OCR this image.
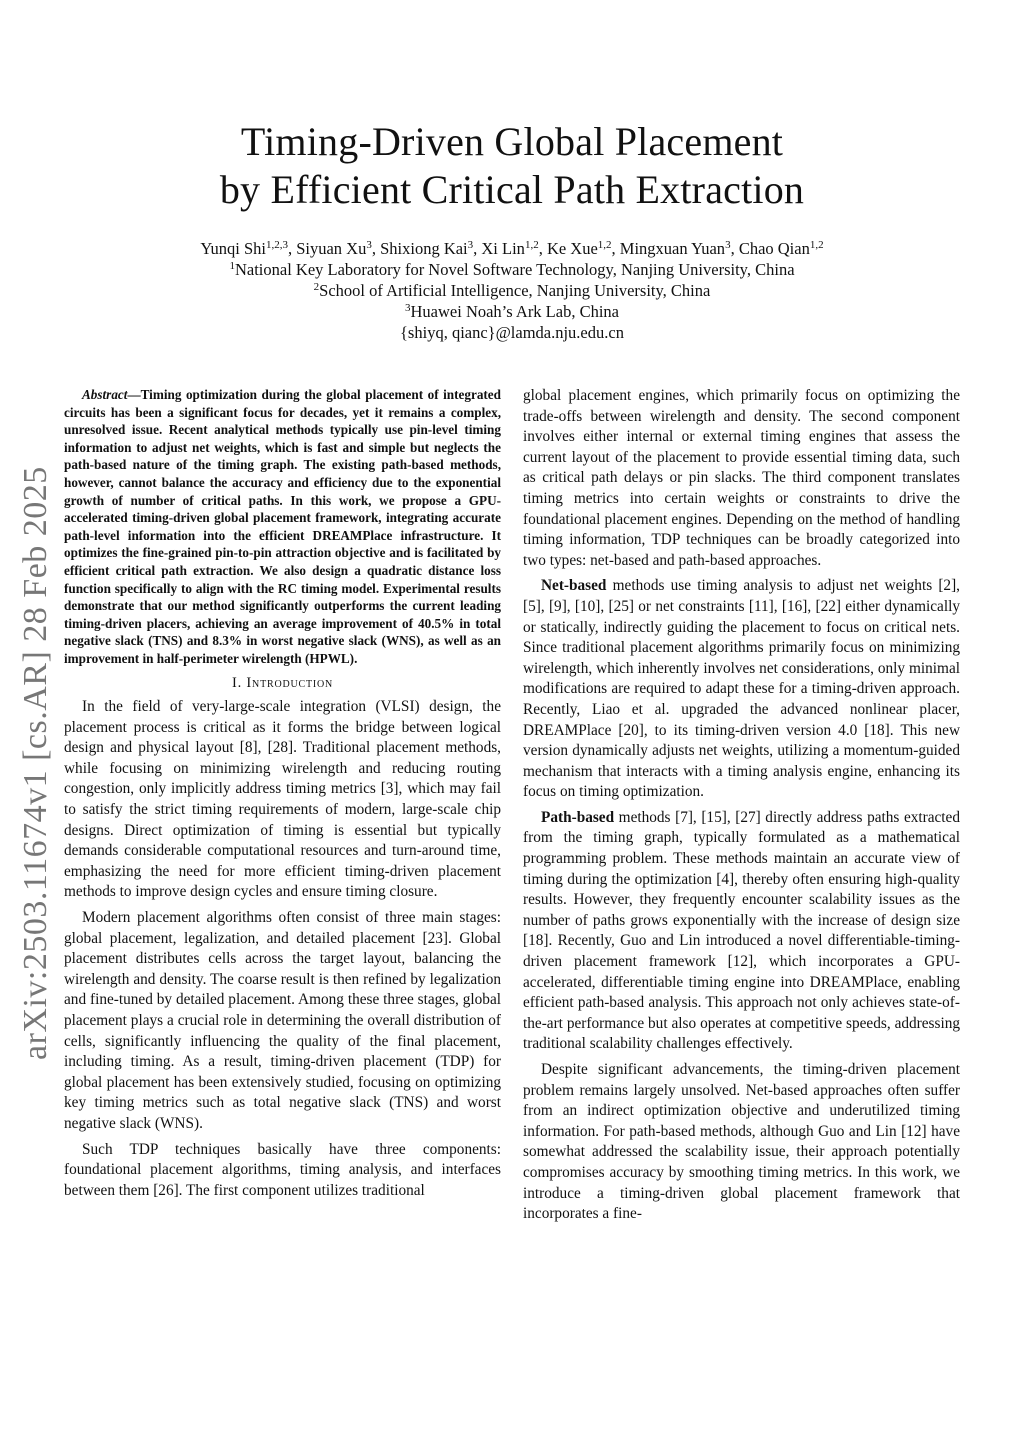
Timing-Driven Global Placement
by Efficient Critical Path Extraction
Yunqi Shi$^{1,2,3}$, Siyuan Xu$^3$, Shixiong Kai$^3$, Xi Lin$^{1,2}$, Ke Xue$^{1,2}$, Mingxuan Yuan$^3$, Chao Qian$^{1,2}$
$^1$National Key Laboratory for Novel Software Technology, Nanjing University, China
$^2$School of Artificial Intelligence, Nanjing University, China
$^3$Huawei Noah’s Ark Lab, China
{shiyq, qianc}@lamda.nju.edu.cn
arXiv:2503.11674v1 [cs.AR] 28 Feb 2025

Abstract—Timing optimization during the global placement of integrated circuits has been a significant focus for decades, yet it remains a complex, unresolved issue. Recent analytical methods typically use pin-level timing information to adjust net weights, which is fast and simple but neglects the path-based nature of the timing graph. The existing path-based methods, however, cannot balance the accuracy and efficiency due to the exponential growth of number of critical paths. In this work, we propose a GPU-accelerated timing-driven global placement framework, integrating accurate path-level information into the efficient DREAMPlace infrastructure. It optimizes the fine-grained pin-to-pin attraction objective and is facilitated by efficient critical path extraction. We also design a quadratic distance loss function specifically to align with the RC timing model. Experimental results demonstrate that our method significantly outperforms the current leading timing-driven placers, achieving an average improvement of 40.5% in total negative slack (TNS) and 8.3% in worst negative slack (WNS), as well as an improvement in half-perimeter wirelength (HPWL).

I. Introduction

In the field of very-large-scale integration (VLSI) design, the placement process is critical as it forms the bridge between logical design and physical layout [8], [28]. Traditional placement methods, while focusing on minimizing wirelength and reducing routing congestion, only implicitly address timing metrics [3], which may fail to satisfy the strict timing requirements of modern, large-scale chip designs. Direct optimization of timing is essential but typically demands considerable computational resources and turn-around time, emphasizing the need for more efficient timing-driven placement methods to improve design cycles and ensure timing closure.

Modern placement algorithms often consist of three main stages: global placement, legalization, and detailed placement [23]. Global placement distributes cells across the target layout, balancing the wirelength and density. The coarse result is then refined by legalization and fine-tuned by detailed placement. Among these three stages, global placement plays a crucial role in determining the overall distribution of cells, significantly influencing the quality of the final placement, including timing. As a result, timing-driven placement (TDP) for global placement has been extensively studied, focusing on optimizing key timing metrics such as total negative slack (TNS) and worst negative slack (WNS).

Such TDP techniques basically have three components: foundational placement algorithms, timing analysis, and interfaces between them [26]. The first component utilizes traditional

global placement engines, which primarily focus on optimizing the trade-offs between wirelength and density. The second component involves either internal or external timing engines that assess the current layout of the placement to provide essential timing data, such as critical path delays or pin slacks. The third component translates timing metrics into certain weights or constraints to drive the foundational placement engines. Depending on the method of handling timing information, TDP techniques can be broadly categorized into two types: net-based and path-based approaches.

Net-based methods use timing analysis to adjust net weights [2], [5], [9], [10], [25] or net constraints [11], [16], [22] either dynamically or statically, indirectly guiding the placement to focus on critical nets. Since traditional placement algorithms primarily focus on minimizing wirelength, which inherently involves net considerations, only minimal modifications are required to adapt these for a timing-driven approach. Recently, Liao et al. upgraded the advanced nonlinear placer, DREAMPlace [20], to its timing-driven version 4.0 [18]. This new version dynamically adjusts net weights, utilizing a momentum-guided mechanism that interacts with a timing analysis engine, enhancing its focus on timing optimization.

Path-based methods [7], [15], [27] directly address paths extracted from the timing graph, typically formulated as a mathematical programming problem. These methods maintain an accurate view of timing during the optimization [4], thereby often ensuring high-quality results. However, they frequently encounter scalability issues as the number of paths grows exponentially with the increase of design size [18]. Recently, Guo and Lin introduced a novel differentiable-timing-driven placement framework [12], which incorporates a GPU-accelerated, differentiable timing engine into DREAMPlace, enabling efficient path-based analysis. This approach not only achieves state-of-the-art performance but also operates at competitive speeds, addressing traditional scalability challenges effectively.

Despite significant advancements, the timing-driven placement problem remains largely unsolved. Net-based approaches often suffer from an indirect optimization objective and underutilized timing information. For path-based methods, although Guo and Lin [12] have somewhat addressed the scalability issue, their approach potentially compromises accuracy by smoothing timing metrics. In this work, we introduce a timing-driven global placement framework that incorporates a fine-
